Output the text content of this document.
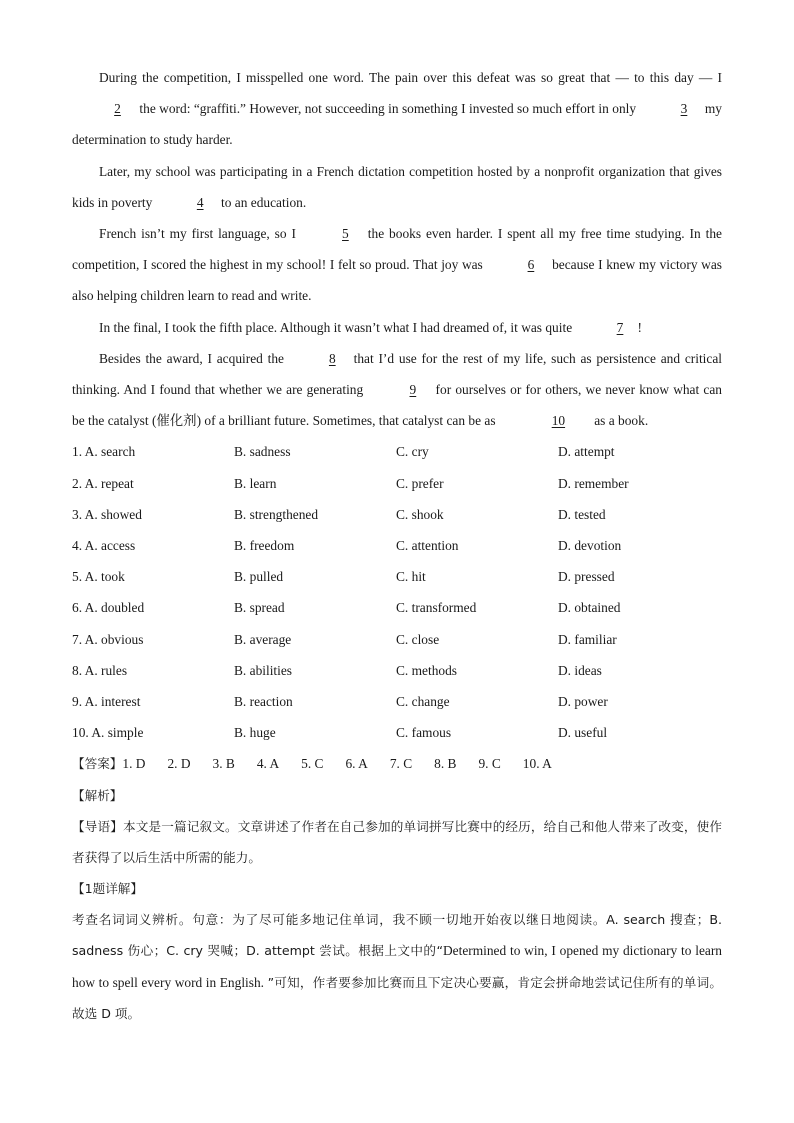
During the competition, I misspelled one word. The pain over this defeat was so great that — to this day — I 2 the word: “graffiti.” However, not succeeding in something I invested so much effort in only	3 my determination to study harder.

Later, my school was participating in a French dictation competition hosted by a nonprofit organization that gives kids in poverty	4 to an education.

French isn’t my first language, so I	5 the books even harder. I spent all my free time studying. In the competition, I scored the highest in my school! I felt so proud. That joy was	6 because I knew my victory was also helping children learn to read and write.

In the final, I took the fifth place. Although it wasn’t what I had dreamed of, it was quite	7 !

Besides the award, I acquired the	8 that I’d use for the rest of my life, such as persistence and critical thinking. And I found that whether we are generating	9 for ourselves or for others, we never know what can be the catalyst (催化剂) of a brilliant future. Sometimes, that catalyst can be as	10 as a book.

1. A. search	B. sadness	C. cry	D. attempt
2. A. repeat	B. learn	C. prefer	D. remember
3. A. showed	B. strengthened	C. shook	D. tested
4. A. access	B. freedom	C. attention	D. devotion
5. A. took	B. pulled	C. hit	D. pressed
6. A. doubled	B. spread	C. transformed	D. obtained
7. A. obvious	B. average	C. close	D. familiar
8. A. rules	B. abilities	C. methods	D. ideas
9. A. interest	B. reaction	C. change	D. power
10. A. simple	B. huge	C. famous	D. useful
【答案】1. D 2. D 3. B 4. A 5. C 6. A 7. C 8. B 9. C 10. A
【解析】

【导语】本文是一篇记叙文。文章讲述了作者在自己参加的单词拼写比赛中的经历，给自己和他人带来了改变，使作者获得了以后生活中所需的能力。

【1题详解】

考查名词词义辨析。句意：为了尽可能多地记住单词，我不顾一切地开始夜以继日地阅读。A. search 搜查；B. sadness 伤心；C. cry 哭喊；D. attempt 尝试。根据上文中的“Determined to win, I opened my dictionary to learn how to spell every word in English. ”可知，作者要参加比赛而且下定决心要赢，肯定会拼命地尝试记住所有的单词。故选 D 项。
